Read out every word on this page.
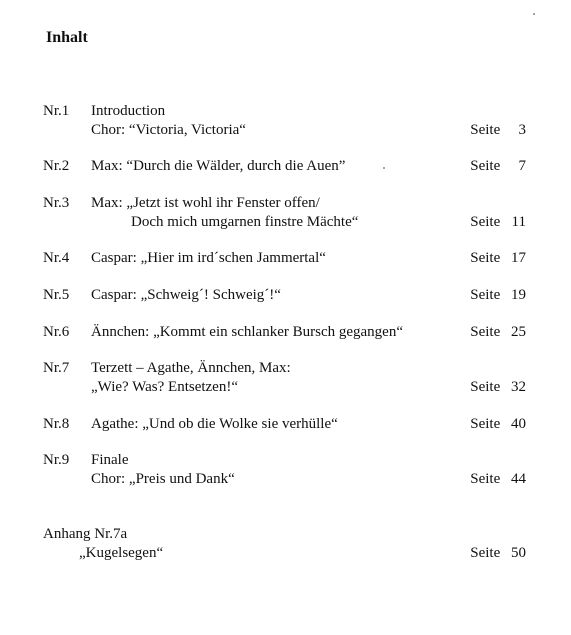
Inhalt
Nr.1 Introduction
Chor: “Victoria, Victoria“	Seite 3
Nr.2 Max: “Durch die Wälder, durch die Auen”	Seite 7
Nr.3 Max: „Jetzt ist wohl ihr Fenster offen/
Doch mich umgarnen finstre Mächte“	Seite 11
Nr.4 Caspar: „Hier im ird´schen Jammertal“	Seite 17
Nr.5 Caspar: „Schweig´! Schweig´!“	Seite 19
Nr.6 Ännchen: „Kommt ein schlanker Bursch gegangen“	Seite 25
Nr.7 Terzett – Agathe, Ännchen, Max:
„Wie? Was? Entsetzen!“	Seite 32
Nr.8 Agathe: „Und ob die Wolke sie verhülle“	Seite 40
Nr.9 Finale
Chor: „Preis und Dank“	Seite 44
Anhang Nr.7a
„Kugelsegen“	Seite 50
